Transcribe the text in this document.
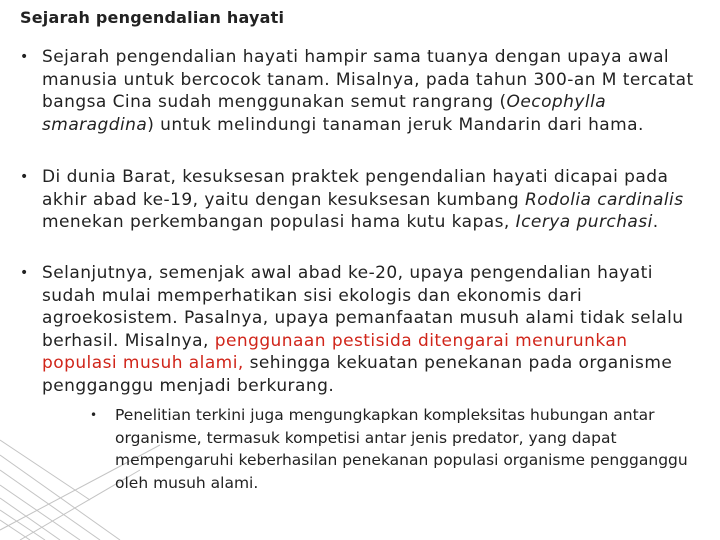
Sejarah pengendalian hayati
• Sejarah pengendalian hayati hampir sama tuanya dengan upaya awal manusia untuk bercocok tanam. Misalnya, pada tahun 300-an M tercatat bangsa Cina sudah menggunakan semut rangrang (Oecophylla smaragdina) untuk melindungi tanaman jeruk Mandarin dari hama.
• Di dunia Barat, kesuksesan praktek pengendalian hayati dicapai pada akhir abad ke-19, yaitu dengan kesuksesan kumbang Rodolia cardinalis menekan perkembangan populasi hama kutu kapas, Icerya purchasi.
• Selanjutnya, semenjak awal abad ke-20, upaya pengendalian hayati sudah mulai memperhatikan sisi ekologis dan ekonomis dari agroekosistem. Pasalnya, upaya pemanfaatan musuh alami tidak selalu berhasil. Misalnya, penggunaan pestisida ditengarai menurunkan populasi musuh alami, sehingga kekuatan penekanan pada organisme pengganggu menjadi berkurang.
• Penelitian terkini juga mengungkapkan kompleksitas hubungan antar organisme, termasuk kompetisi antar jenis predator, yang dapat mempengaruhi keberhasilan penekanan populasi organisme pengganggu oleh musuh alami.
